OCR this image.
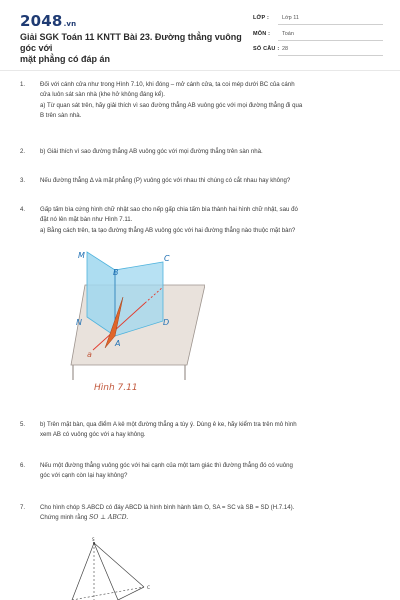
2048.vn
Giải SGK Toán 11 KNTT Bài 23. Đường thẳng vuông góc với
mặt phẳng có đáp án
LỚP : Lớp 11
MÔN : Toán
SỐ CÂU : 28
1.	Đối với cánh cửa như trong Hình 7.10, khi đóng – mở cánh cửa, ta coi mép dưới BC của cánh
cửa luôn sát sàn nhà (khe hở không đáng kể).
a) Từ quan sát trên, hãy giải thích vì sao đường thẳng AB vuông góc với mọi đường thẳng đi qua
B trên sàn nhà.
2.	b) Giải thích vì sao đường thẳng AB vuông góc với mọi đường thẳng trên sàn nhà.
3.	Nếu đường thẳng Δ và mặt phẳng (P) vuông góc với nhau thì chúng có cắt nhau hay không?
4.	Gấp tấm bìa cứng hình chữ nhật sao cho nếp gấp chia tấm bìa thành hai hình chữ nhật, sau đó
đặt nó lên mặt bàn như Hình 7.11.
a) Bằng cách trên, ta tạo đường thẳng AB vuông góc với hai đường thẳng nào thuộc mặt bàn?
M
B
C
N	D
A
a
Hình 7.11
5.	b) Trên mặt bàn, qua điểm A kẻ một đường thẳng a tùy ý. Dùng ê ke, hãy kiểm tra trên mô hình
xem AB có vuông góc với a hay không.
6.	Nếu một đường thẳng vuông góc với hai cạnh của một tam giác thì đường thẳng đó có vuông
góc với cạnh còn lại hay không?
7.	Cho hình chóp S.ABCD có đáy ABCD là hình bình hành tâm O, SA = SC và SB = SD (H.7.14).
Chứng minh rằng SO ⊥ ABCD.
S
C
